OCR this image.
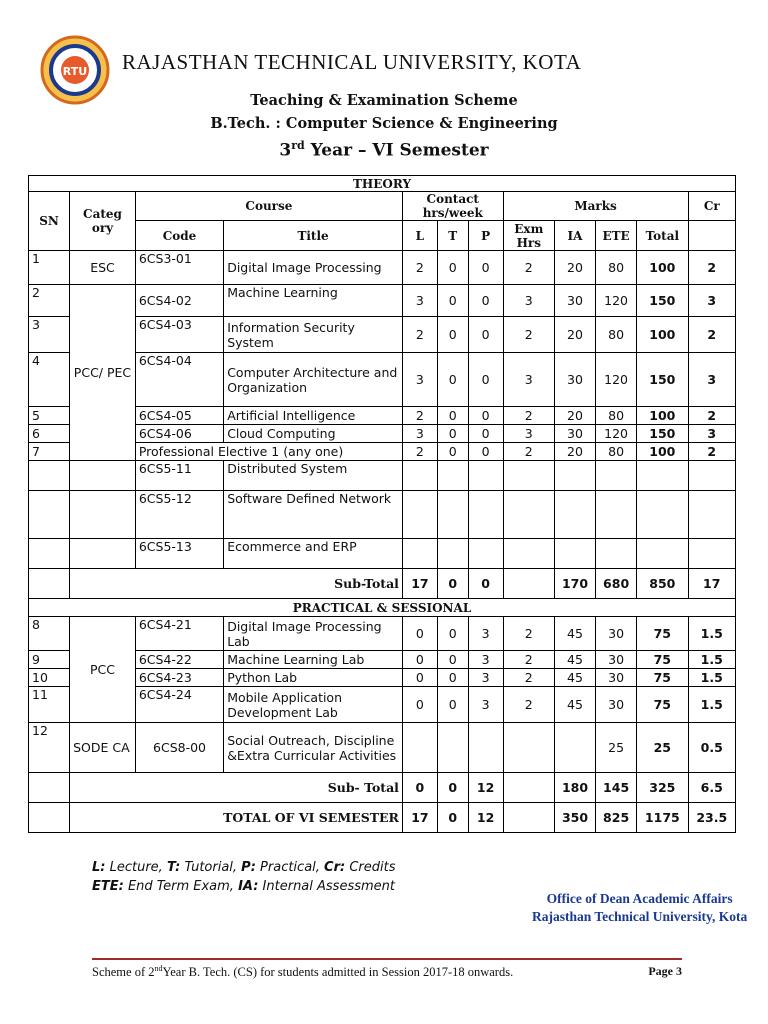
RTU RAJASTHAN TECHNICAL UNIVERSITY, KOTA
Teaching & Examination Scheme
B.Tech. : Computer Science & Engineering
3rd Year – VI Semester
THEORY											
SN	Categ ory	Course		Contact hrs/week			Marks				Cr
		Code	Title	L	T	P	Exm Hrs	IA	ETE	Total	
1	ESC	6CS3-01	Digital Image Processing	2	0	0	2	20	80	100	2
2	PCC/ PEC	6CS4-02	Machine Learning	3	0	0	3	30	120	150	3
3		6CS4-03	Information Security System	2	0	0	2	20	80	100	2
4		6CS4-04	Computer Architecture and Organization	3	0	0	3	30	120	150	3
5		6CS4-05	Artificial Intelligence	2	0	0	2	20	80	100	2
6		6CS4-06	Cloud Computing	3	0	0	3	30	120	150	3
7		Professional Elective 1 (any one)		2	0	0	2	20	80	100	2
		6CS5-11	Distributed System								
		6CS5-12	Software Defined Network								
		6CS5-13	Ecommerce and ERP								
	Sub-Total			17	0	0		170	680	850	17
PRACTICAL & SESSIONAL											
8	PCC	6CS4-21	Digital Image Processing Lab	0	0	3	2	45	30	75	1.5
9		6CS4-22	Machine Learning Lab	0	0	3	2	45	30	75	1.5
10		6CS4-23	Python Lab	0	0	3	2	45	30	75	1.5
11		6CS4-24	Mobile Application Development Lab	0	0	3	2	45	30	75	1.5
12	SODE CA	6CS8-00	Social Outreach, Discipline &Extra Curricular Activities						25	25	0.5
	Sub- Total			0	0	12		180	145	325	6.5
	TOTAL OF VI SEMESTER			17	0	12		350	825	1175	23.5
L: Lecture, T: Tutorial, P: Practical, Cr: Credits
ETE: End Term Exam, IA: Internal Assessment
Office of Dean Academic Affairs
Rajasthan Technical University, Kota
Scheme of 2ndYear B. Tech. (CS) for students admitted in Session 2017-18 onwards.	Page 3
